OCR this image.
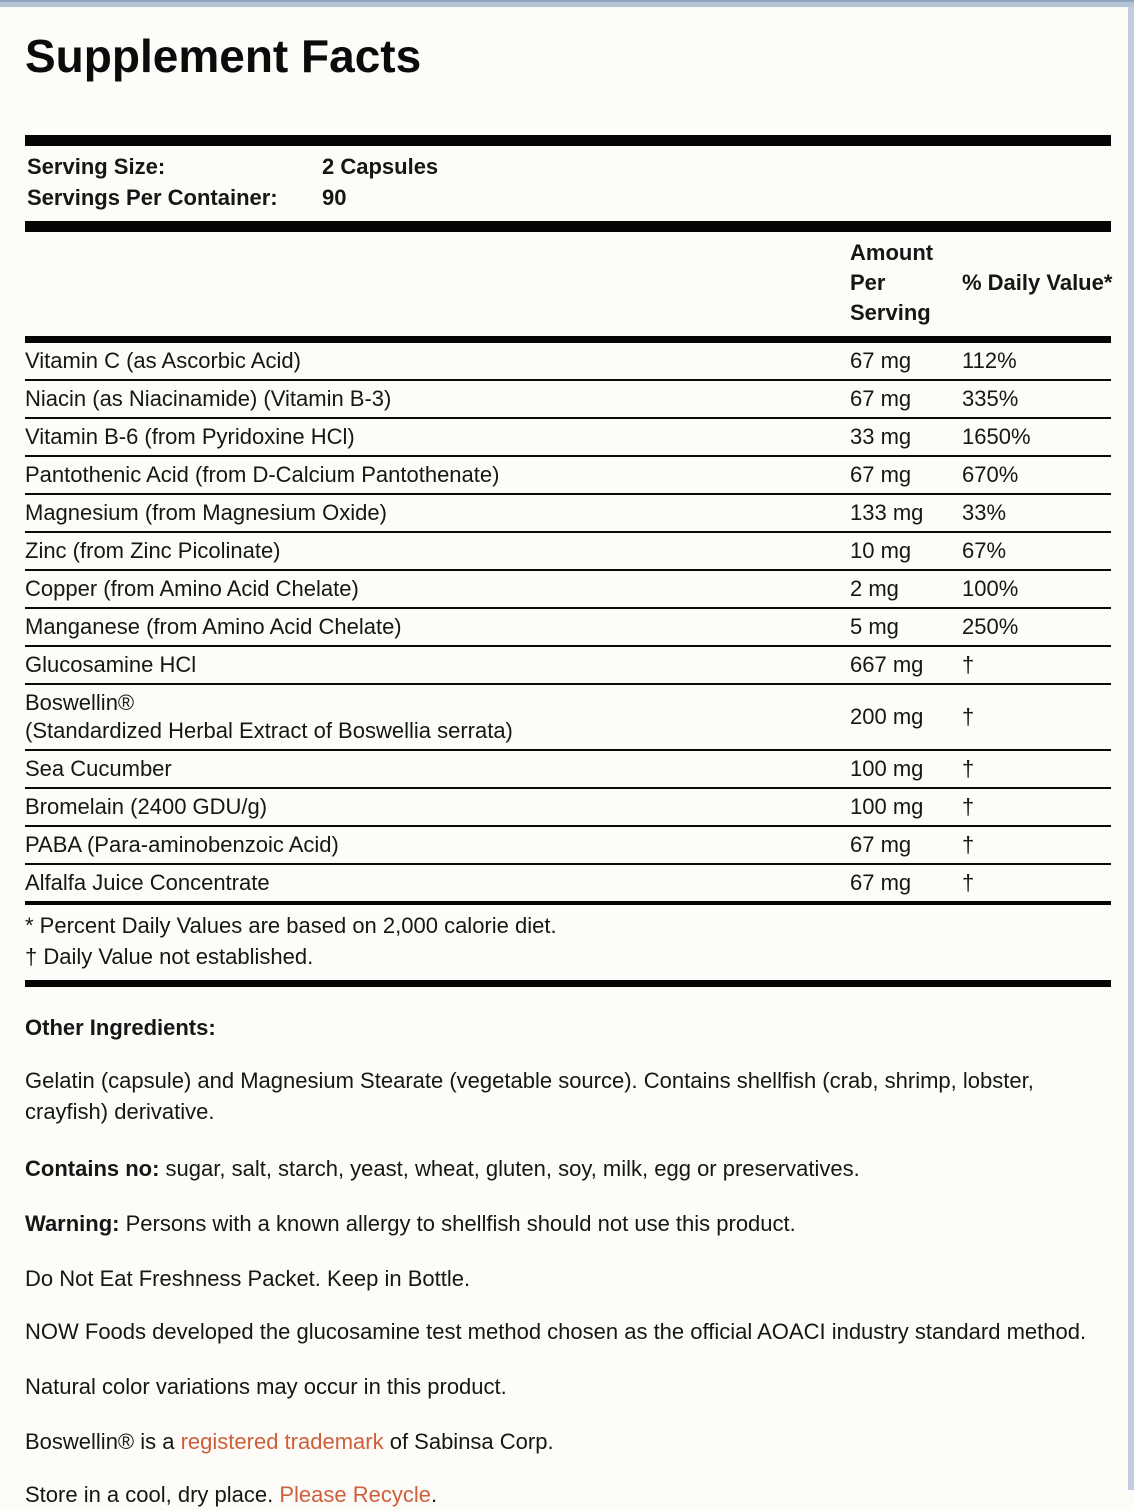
Supplement Facts
Serving Size:	2 Capsules
Servings Per Container: 90
Amount Per Serving
% Daily Value*
Vitamin C (as Ascorbic Acid)	67 mg	112%
Niacin (as Niacinamide) (Vitamin B-3)	67 mg	335%
Vitamin B-6 (from Pyridoxine HCl)	33 mg	1650%
Pantothenic Acid (from D-Calcium Pantothenate)	67 mg	670%
Magnesium (from Magnesium Oxide)	133 mg	33%
Zinc (from Zinc Picolinate)	10 mg	67%
Copper (from Amino Acid Chelate)	2 mg	100%
Manganese (from Amino Acid Chelate)	5 mg	250%
Glucosamine HCl	667 mg	†
Boswellin®
(Standardized Herbal Extract of Boswellia serrata)
200 mg	†
Sea Cucumber	100 mg	†
Bromelain (2400 GDU/g)	100 mg	†
PABA (Para-aminobenzoic Acid)	67 mg	†
Alfalfa Juice Concentrate	67 mg	†
* Percent Daily Values are based on 2,000 calorie diet.
† Daily Value not established.
Other Ingredients:

Gelatin (capsule) and Magnesium Stearate (vegetable source). Contains shellfish (crab, shrimp, lobster, crayfish) derivative.

Contains no: sugar, salt, starch, yeast, wheat, gluten, soy, milk, egg or preservatives.

Warning: Persons with a known allergy to shellfish should not use this product.

Do Not Eat Freshness Packet. Keep in Bottle.

NOW Foods developed the glucosamine test method chosen as the official AOACI industry standard method.

Natural color variations may occur in this product.

Boswellin® is a registered trademark of Sabinsa Corp.

Store in a cool, dry place. Please Recycle.
